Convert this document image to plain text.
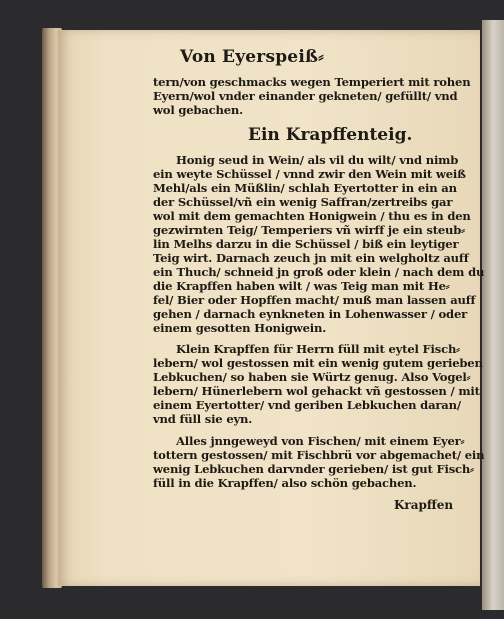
Von Eyerspeiß⸗
tern/von geschmacks wegen Temperiert mit rohen
Eyern/wol vnder einander gekneten/ gefüllt/ vnd
wol gebachen.
Ein Krapffenteig.
Honig seud in Wein/ als vil du wilt/ vnd nimb
ein weyte Schüssel / vnnd zwir den Wein mit weiß
Mehl/als ein Müßlin/ schlah Eyertotter in ein an
der Schüssel/vñ ein wenig Saffran/zertreibs gar
wol mit dem gemachten Honigwein / thu es in den
gezwirnten Teig/ Temperiers vñ wirff je ein steub⸗
lin Melhs darzu in die Schüssel / biß ein leytiger
Teig wirt. Darnach zeuch jn mit ein welgholtz auff
ein Thuch/ schneid jn groß oder klein / nach dem du
die Krapffen haben wilt / was Teig man mit He⸗
fel/ Bier oder Hopffen macht/ muß man lassen auff
gehen / darnach eynkneten in Lohenwasser / oder
einem gesotten Honigwein.
Klein Krapffen für Herrn füll mit eytel Fisch⸗
lebern/ wol gestossen mit ein wenig gutem gerieben
Lebkuchen/ so haben sie Würtz genug. Also Vogel⸗
lebern/ Hünerlebern wol gehackt vñ gestossen / mit
einem Eyertotter/ vnd geriben Lebkuchen daran/
vnd füll sie eyn.
Alles jnngeweyd von Fischen/ mit einem Eyer⸗
tottern gestossen/ mit Fischbrü vor abgemachet/ ein
wenig Lebkuchen darvnder gerieben/ ist gut Fisch⸗
füll in die Krapffen/ also schön gebachen.
Krapffen
